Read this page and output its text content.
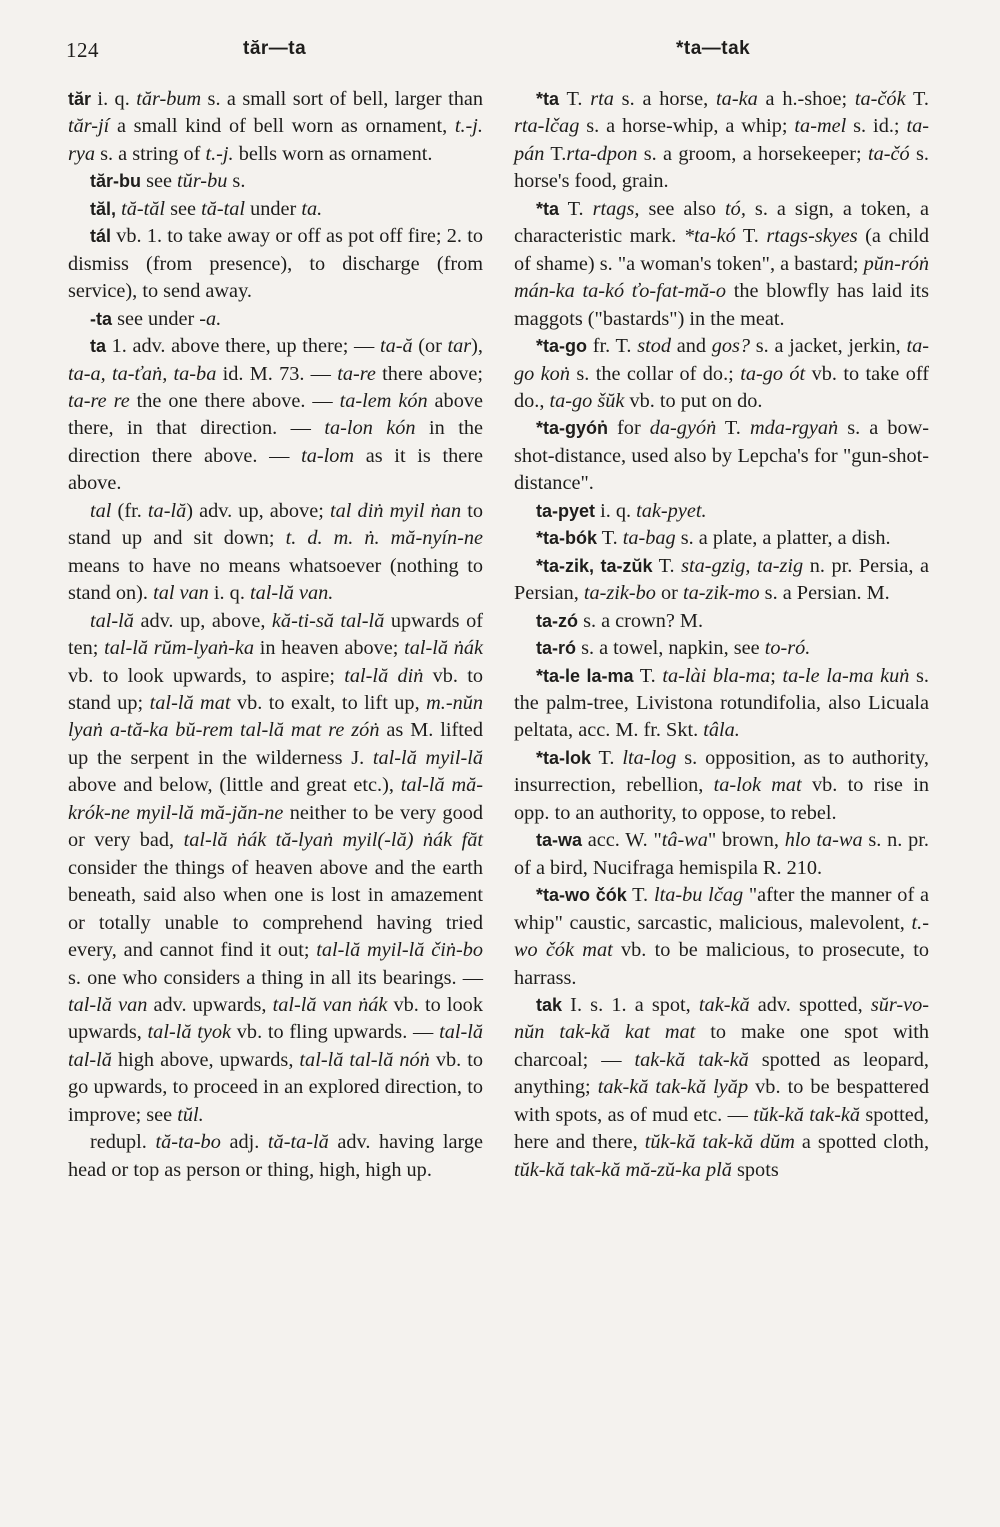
124	tăr—ta	*ta—tak

tăr i. q. tăr-bum s. a small sort of bell, larger than tăr-jí a small kind of bell worn as ornament, t.-j. rya s. a string of t.-j. bells worn as ornament.

tăr-bu see tŭr-bu s.

tăl, tă-tăl see tă-tal under ta.

tál vb. 1. to take away or off as pot off fire; 2. to dismiss (from presence), to discharge (from service), to send away.

-ta see under -a.

ta 1. adv. above there, up there; — ta-ă (or tar), ta-a, ta-ťaṅ, ta-ba id. M. 73. — ta-re there above; ta-re re the one there above. — ta-lem kón above there, in that direction. — ta-lon kón in the direction there above. — ta-lom as it is there above.

tal (fr. ta-lă) adv. up, above; tal diṅ myil ṅan to stand up and sit down; t. d. m. ṅ. mă-nyín-ne means to have no means whatsoever (nothing to stand on). tal van i. q. tal-lă van.

tal-lă adv. up, above, kă-ti-să tal-lă upwards of ten; tal-lă rŭm-lyaṅ-ka in heaven above; tal-lă ṅák vb. to look upwards, to aspire; tal-lă diṅ vb. to stand up; tal-lă mat vb. to exalt, to lift up, m.-nŭn lyaṅ a-tă-ka bŭ-rem tal-lă mat re zóṅ as M. lifted up the serpent in the wilderness J. tal-lă myil-lă above and below, (little and great etc.), tal-lă mă-krók-ne myil-lă mă-jăn-ne neither to be very good or very bad, tal-lă ṅák tă-lyaṅ myil(-lă) ṅák făt consider the things of heaven above and the earth beneath, said also when one is lost in amazement or totally unable to comprehend having tried every, and cannot find it out; tal-lă myil-lă čiṅ-bo s. one who considers a thing in all its bearings. — tal-lă van adv. upwards, tal-lă van ṅák vb. to look upwards, tal-lă tyok vb. to fling upwards. — tal-lă tal-lă high above, upwards, tal-lă tal-lă nóṅ vb. to go upwards, to proceed in an explored direction, to improve; see tŭl.

redupl. tă-ta-bo adj. tă-ta-lă adv. having large head or top as person or thing, high, high up.

*ta T. rta s. a horse, ta-ka a h.-shoe; ta-čók T. rta-lčag s. a horse-whip, a whip; ta-mel s. id.; ta-pán T.rta-dpon s. a groom, a horsekeeper; ta-čó s. horse's food, grain.

*ta T. rtags, see also tó, s. a sign, a token, a characteristic mark. *ta-kó T. rtags-skyes (a child of shame) s. "a woman's token", a bastard; pŭn-róṅ mán-ka ta-kó ťo-fat-mă-o the blowfly has laid its maggots ("bastards") in the meat.

*ta-go fr. T. stod and gos? s. a jacket, jerkin, ta-go koṅ s. the collar of do.; ta-go ót vb. to take off do., ta-go šŭk vb. to put on do.

*ta-gyóṅ for da-gyóṅ T. mda-rgyaṅ s. a bow-shot-distance, used also by Lepcha's for "gun-shot-distance".

ta-pyet i. q. tak-pyet.

*ta-bók T. ta-bag s. a plate, a platter, a dish.

*ta-zik, ta-zŭk T. sta-gzig, ta-zig n. pr. Persia, a Persian, ta-zik-bo or ta-zik-mo s. a Persian. M.

ta-zó s. a crown? M.

ta-ró s. a towel, napkin, see to-ró.

*ta-le la-ma T. ta-lài bla-ma; ta-le la-ma kuṅ s. the palm-tree, Livistona rotundifolia, also Licuala peltata, acc. M. fr. Skt. tâla.

*ta-lok T. lta-log s. opposition, as to authority, insurrection, rebellion, ta-lok mat vb. to rise in opp. to an authority, to oppose, to rebel.

ta-wa acc. W. "tâ-wa" brown, hlo ta-wa s. n. pr. of a bird, Nucifraga hemispila R. 210.

*ta-wo čók T. lta-bu lčag "after the manner of a whip" caustic, sarcastic, malicious, malevolent, t.-wo čók mat vb. to be malicious, to prosecute, to harrass.

tak I. s. 1. a spot, tak-kă adv. spotted, sŭr-vo-nŭn tak-kă kat mat to make one spot with charcoal; — tak-kă tak-kă spotted as leopard, anything; tak-kă tak-kă lyăp vb. to be bespattered with spots, as of mud etc. — tŭk-kă tak-kă spotted, here and there, tŭk-kă tak-kă dŭm a spotted cloth, tŭk-kă tak-kă mă-zŭ-ka plă spots
